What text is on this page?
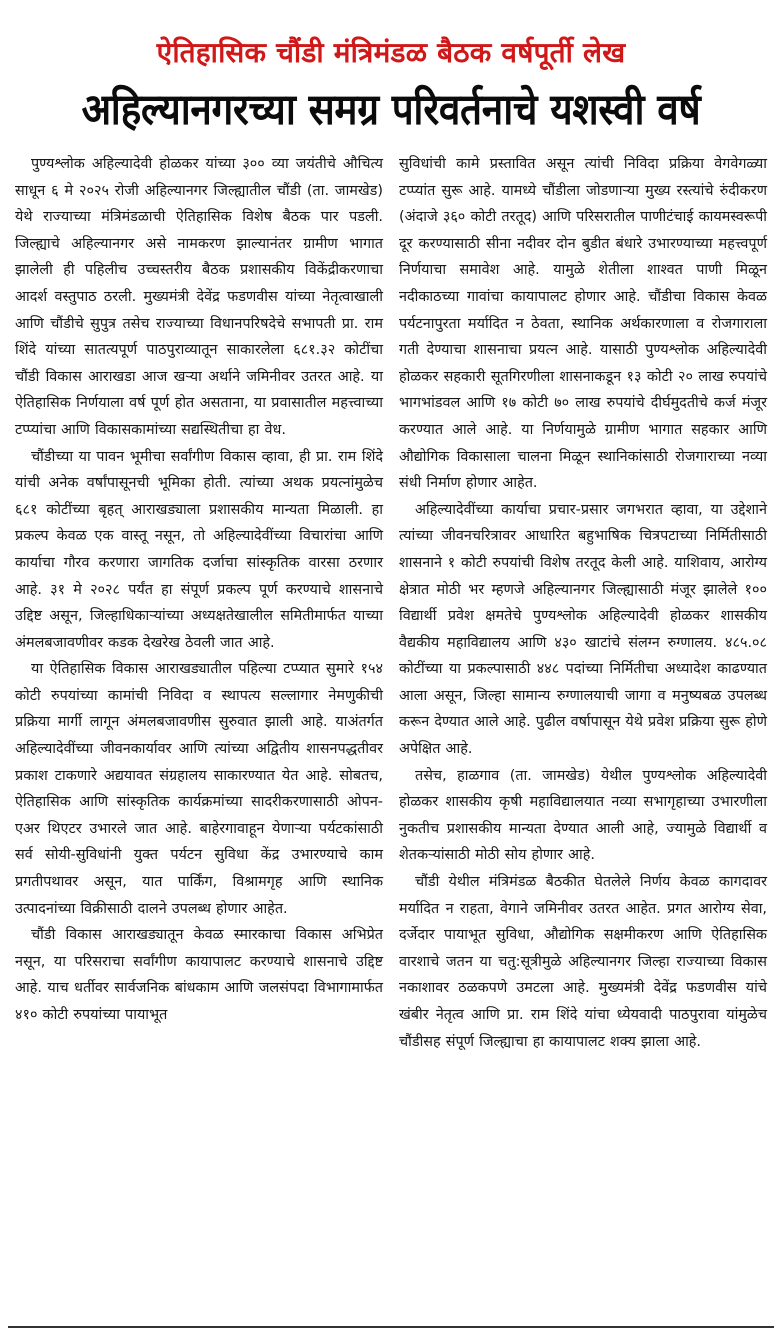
ऐतिहासिक चौंडी मंत्रिमंडळ बैठक वर्षपूर्ती लेख
अहिल्यानगरच्या समग्र परिवर्तनाचे यशस्वी वर्ष

पुण्यश्लोक अहिल्यादेवी होळकर यांच्या ३०० व्या जयंतीचे औचित्य साधून ६ मे २०२५ रोजी अहिल्यानगर जिल्ह्यातील चौंडी (ता. जामखेड) येथे राज्याच्या मंत्रिमंडळाची ऐतिहासिक विशेष बैठक पार पडली. जिल्ह्याचे अहिल्यानगर असे नामकरण झाल्यानंतर ग्रामीण भागात झालेली ही पहिलीच उच्चस्तरीय बैठक प्रशासकीय विकेंद्रीकरणाचा आदर्श वस्तुपाठ ठरली. मुख्यमंत्री देवेंद्र फडणवीस यांच्या नेतृत्वाखाली आणि चौंडीचे सुपुत्र तसेच राज्याच्या विधानपरिषदेचे सभापती प्रा. राम शिंदे यांच्या सातत्यपूर्ण पाठपुराव्यातून साकारलेला ६८१.३२ कोटींचा चौंडी विकास आराखडा आज खऱ्या अर्थाने जमिनीवर उतरत आहे. या ऐतिहासिक निर्णयाला वर्ष पूर्ण होत असताना, या प्रवासातील महत्त्वाच्या टप्प्यांचा आणि विकासकामांच्या सद्यस्थितीचा हा वेध.

चौंडीच्या या पावन भूमीचा सर्वांगीण विकास व्हावा, ही प्रा. राम शिंदे यांची अनेक वर्षांपासूनची भूमिका होती. त्यांच्या अथक प्रयत्नांमुळेच ६८१ कोटींच्या बृहत् आराखड्याला प्रशासकीय मान्यता मिळाली. हा प्रकल्प केवळ एक वास्तू नसून, तो अहिल्यादेवींच्या विचारांचा आणि कार्याचा गौरव करणारा जागतिक दर्जाचा सांस्कृतिक वारसा ठरणार आहे. ३१ मे २०२८ पर्यंत हा संपूर्ण प्रकल्प पूर्ण करण्याचे शासनाचे उद्दिष्ट असून, जिल्हाधिकाऱ्यांच्या अध्यक्षतेखालील समितीमार्फत याच्या अंमलबजावणीवर कडक देखरेख ठेवली जात आहे.

या ऐतिहासिक विकास आराखड्यातील पहिल्या टप्प्यात सुमारे १५४ कोटी रुपयांच्या कामांची निविदा व स्थापत्य सल्लागार नेमणुकीची प्रक्रिया मार्गी लागून अंमलबजावणीस सुरुवात झाली आहे. याअंतर्गत अहिल्यादेवींच्या जीवनकार्यावर आणि त्यांच्या अद्वितीय शासनपद्धतीवर प्रकाश टाकणारे अद्ययावत संग्रहालय साकारण्यात येत आहे. सोबतच, ऐतिहासिक आणि सांस्कृतिक कार्यक्रमांच्या सादरीकरणासाठी ओपन-एअर थिएटर उभारले जात आहे. बाहेरगावाहून येणाऱ्या पर्यटकांसाठी सर्व सोयी-सुविधांनी युक्त पर्यटन सुविधा केंद्र उभारण्याचे काम प्रगतीपथावर असून, यात पार्किंग, विश्रामगृह आणि स्थानिक उत्पादनांच्या विक्रीसाठी दालने उपलब्ध होणार आहेत.

चौंडी विकास आराखड्यातून केवळ स्मारकाचा विकास अभिप्रेत नसून, या परिसराचा सर्वांगीण कायापालट करण्याचे शासनाचे उद्दिष्ट आहे. याच धर्तीवर सार्वजनिक बांधकाम आणि जलसंपदा विभागामार्फत ४१० कोटी रुपयांच्या पायाभूत

सुविधांची कामे प्रस्तावित असून त्यांची निविदा प्रक्रिया वेगवेगळ्या टप्प्यांत सुरू आहे. यामध्ये चौंडीला जोडणाऱ्या मुख्य रस्त्यांचे रुंदीकरण (अंदाजे ३६० कोटी तरतूद) आणि परिसरातील पाणीटंचाई कायमस्वरूपी दूर करण्यासाठी सीना नदीवर दोन बुडीत बंधारे उभारण्याच्या महत्त्वपूर्ण निर्णयाचा समावेश आहे. यामुळे शेतीला शाश्वत पाणी मिळून नदीकाठच्या गावांचा कायापालट होणार आहे. चौंडीचा विकास केवळ पर्यटनापुरता मर्यादित न ठेवता, स्थानिक अर्थकारणाला व रोजगाराला गती देण्याचा शासनाचा प्रयत्न आहे. यासाठी पुण्यश्लोक अहिल्यादेवी होळकर सहकारी सूतगिरणीला शासनाकडून १३ कोटी २० लाख रुपयांचे भागभांडवल आणि १७ कोटी ७० लाख रुपयांचे दीर्घमुदतीचे कर्ज मंजूर करण्यात आले आहे. या निर्णयामुळे ग्रामीण भागात सहकार आणि औद्योगिक विकासाला चालना मिळून स्थानिकांसाठी रोजगाराच्या नव्या संधी निर्माण होणार आहेत.

अहिल्यादेवींच्या कार्याचा प्रचार-प्रसार जगभरात व्हावा, या उद्देशाने त्यांच्या जीवनचरित्रावर आधारित बहुभाषिक चित्रपटाच्या निर्मितीसाठी शासनाने १ कोटी रुपयांची विशेष तरतूद केली आहे. याशिवाय, आरोग्य क्षेत्रात मोठी भर म्हणजे अहिल्यानगर जिल्ह्यासाठी मंजूर झालेले १०० विद्यार्थी प्रवेश क्षमतेचे पुण्यश्लोक अहिल्यादेवी होळकर शासकीय वैद्यकीय महाविद्यालय आणि ४३० खाटांचे संलग्न रुग्णालय. ४८५.०८ कोटींच्या या प्रकल्पासाठी ४४८ पदांच्या निर्मितीचा अध्यादेश काढण्यात आला असून, जिल्हा सामान्य रुग्णालयाची जागा व मनुष्यबळ उपलब्ध करून देण्यात आले आहे. पुढील वर्षापासून येथे प्रवेश प्रक्रिया सुरू होणे अपेक्षित आहे.

तसेच, हाळगाव (ता. जामखेड) येथील पुण्यश्लोक अहिल्यादेवी होळकर शासकीय कृषी महाविद्यालयात नव्या सभागृहाच्या उभारणीला नुकतीच प्रशासकीय मान्यता देण्यात आली आहे, ज्यामुळे विद्यार्थी व शेतकऱ्यांसाठी मोठी सोय होणार आहे.

चौंडी येथील मंत्रिमंडळ बैठकीत घेतलेले निर्णय केवळ कागदावर मर्यादित न राहता, वेगाने जमिनीवर उतरत आहेत. प्रगत आरोग्य सेवा, दर्जेदार पायाभूत सुविधा, औद्योगिक सक्षमीकरण आणि ऐतिहासिक वारशाचे जतन या चतु:सूत्रीमुळे अहिल्यानगर जिल्हा राज्याच्या विकास नकाशावर ठळकपणे उमटला आहे. मुख्यमंत्री देवेंद्र फडणवीस यांचे खंबीर नेतृत्व आणि प्रा. राम शिंदे यांचा ध्येयवादी पाठपुरावा यांमुळेच चौंडीसह संपूर्ण जिल्ह्याचा हा कायापालट शक्य झाला आहे.
